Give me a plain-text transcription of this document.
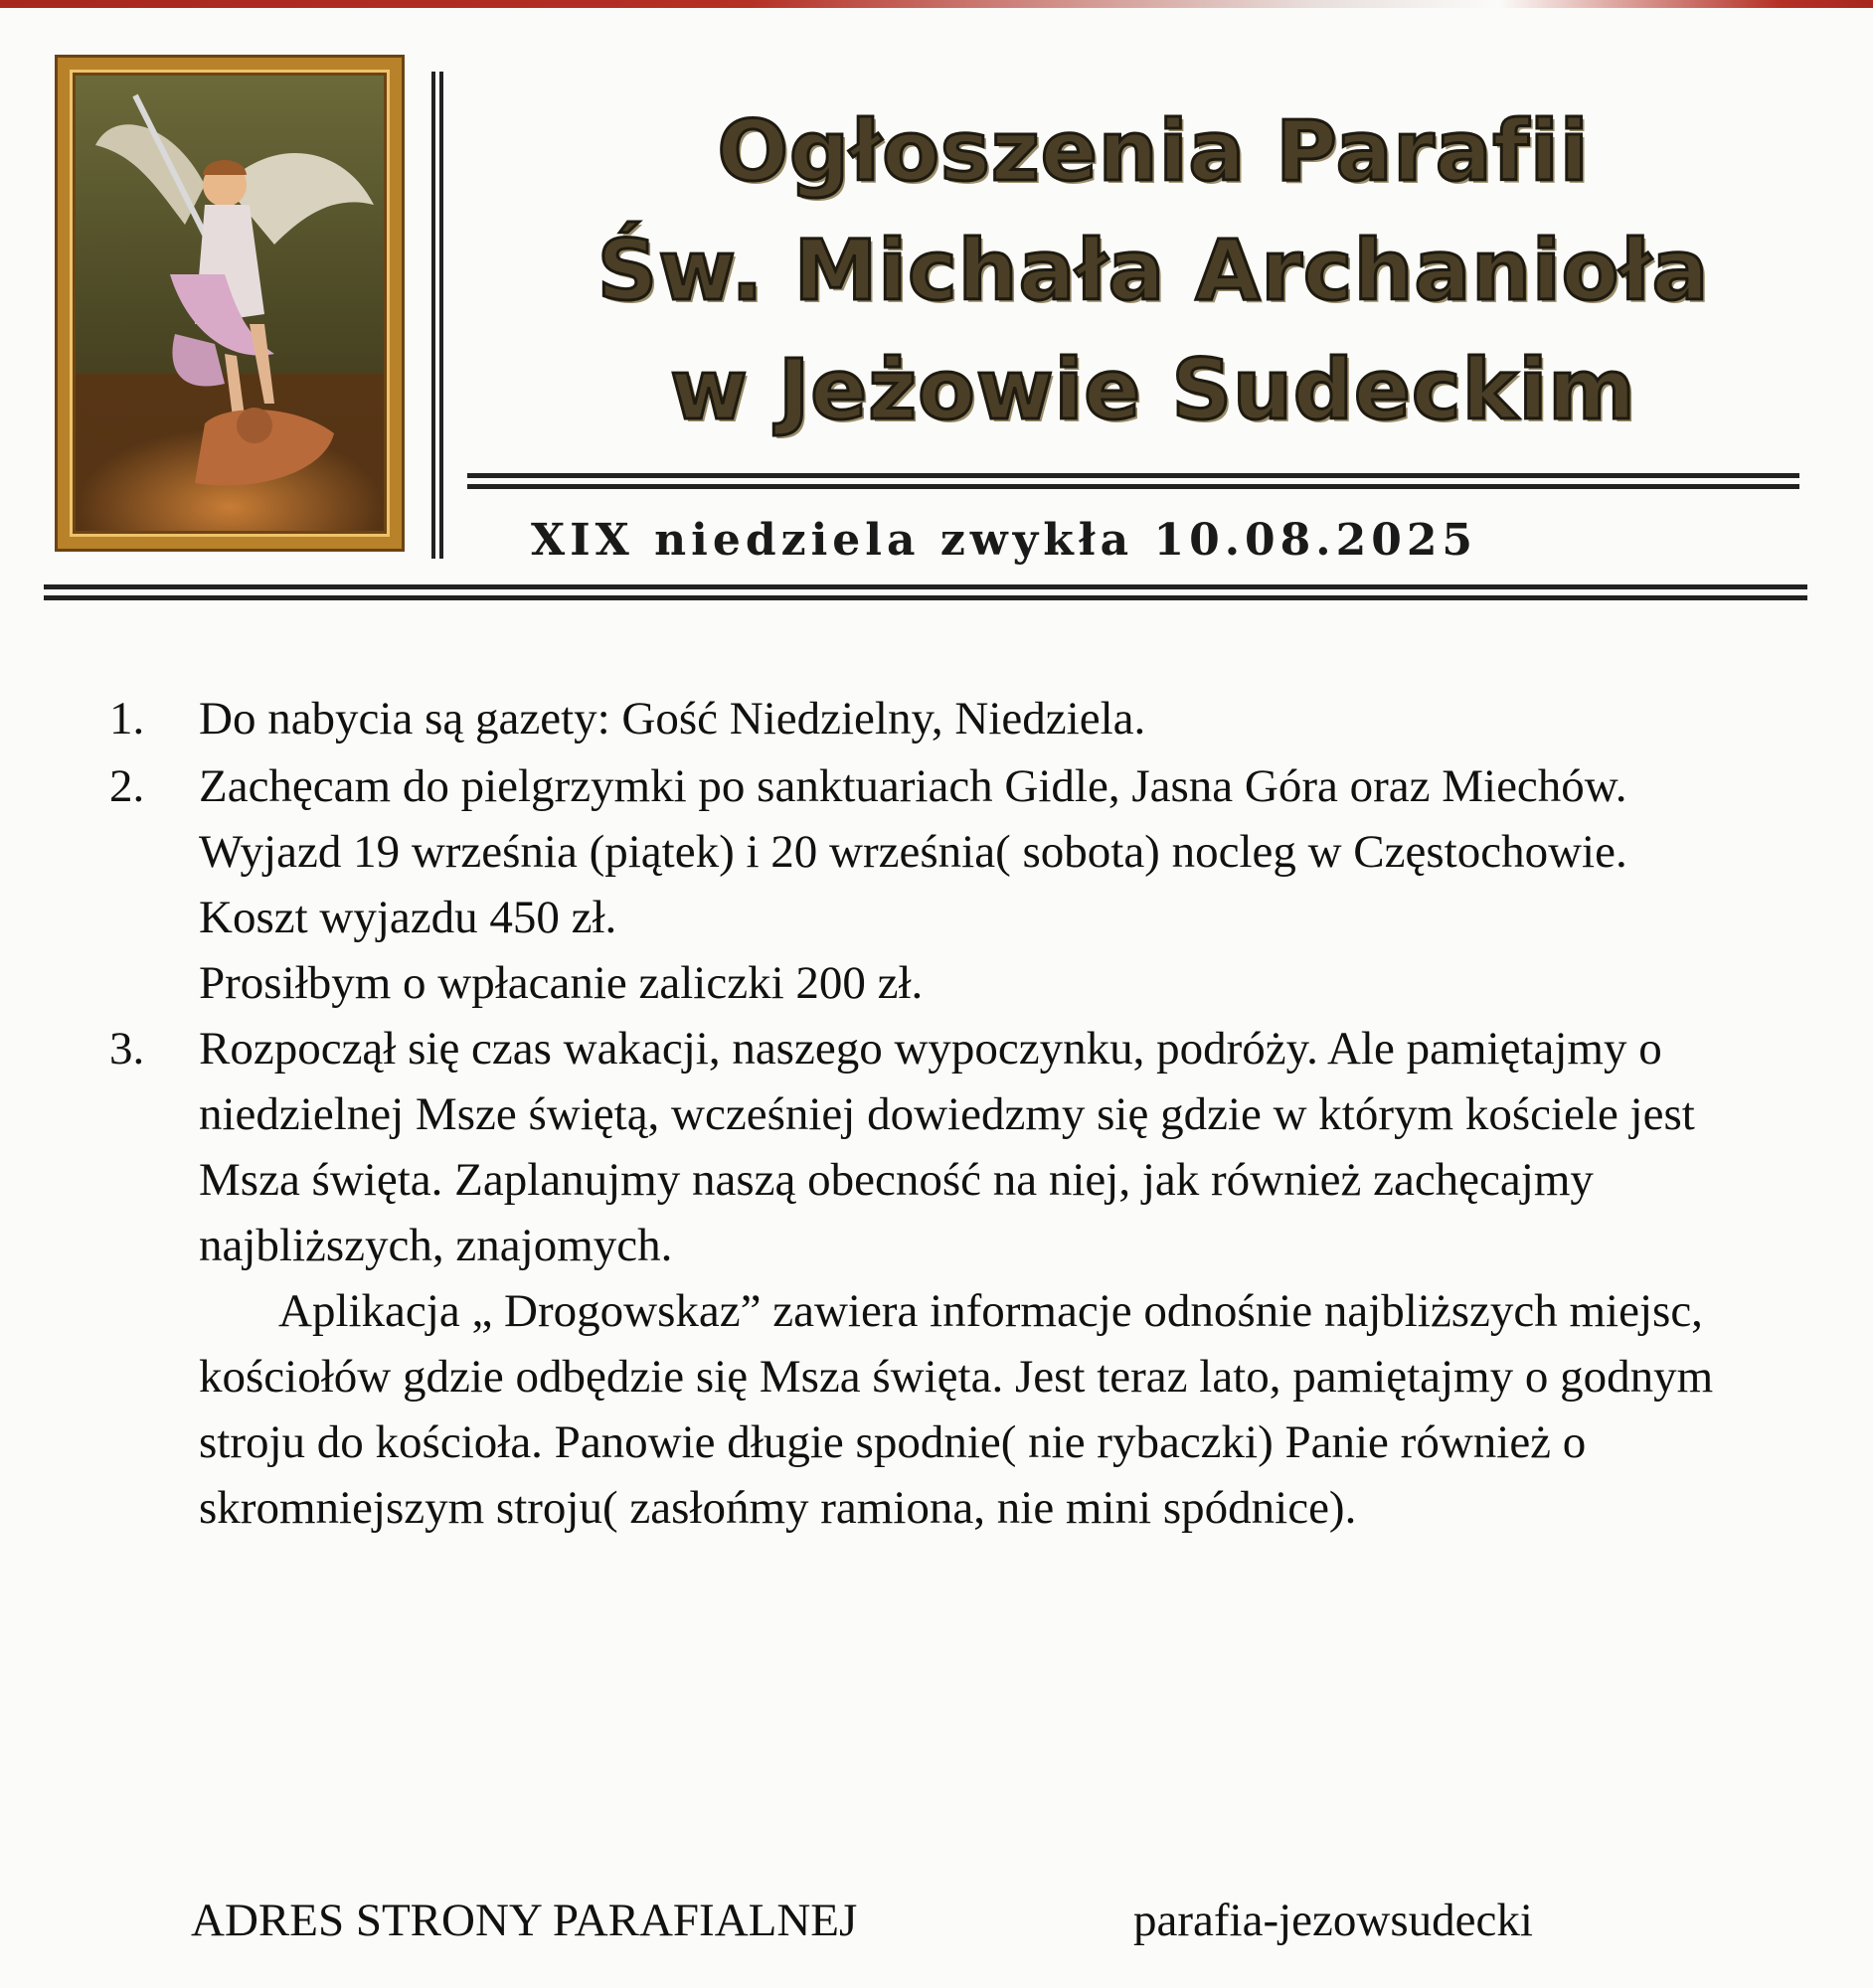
Ogłoszenia Parafii
Św. Michała Archanioła
w Jeżowie Sudeckim
XIX niedziela zwykła 10.08.2025
1. Do nabycia są gazety: Gość Niedzielny, Niedziela.

2. Zachęcam do pielgrzymki po sanktuariach Gidle, Jasna Góra oraz Miechów. Wyjazd 19 września (piątek) i 20 września( sobota) nocleg w Częstochowie. Koszt wyjazdu 450 zł.

Prosiłbym o wpłacanie zaliczki 200 zł.

3. Rozpoczął się czas wakacji, naszego wypoczynku, podróży. Ale pamiętajmy o niedzielnej Msze świętą, wcześniej dowiedzmy się gdzie w którym kościele jest Msza święta. Zaplanujmy naszą obecność na niej, jak również zachęcajmy najbliższych, znajomych.

Aplikacja „ Drogowskaz” zawiera informacje odnośnie najbliższych miejsc, kościołów gdzie odbędzie się Msza święta. Jest teraz lato, pamiętajmy o godnym stroju do kościoła. Panowie długie spodnie( nie rybaczki) Panie również o skromniejszym stroju( zasłońmy ramiona, nie mini spódnice).

ADRES STRONY PARAFIALNEJ	parafia-jezowsudecki
